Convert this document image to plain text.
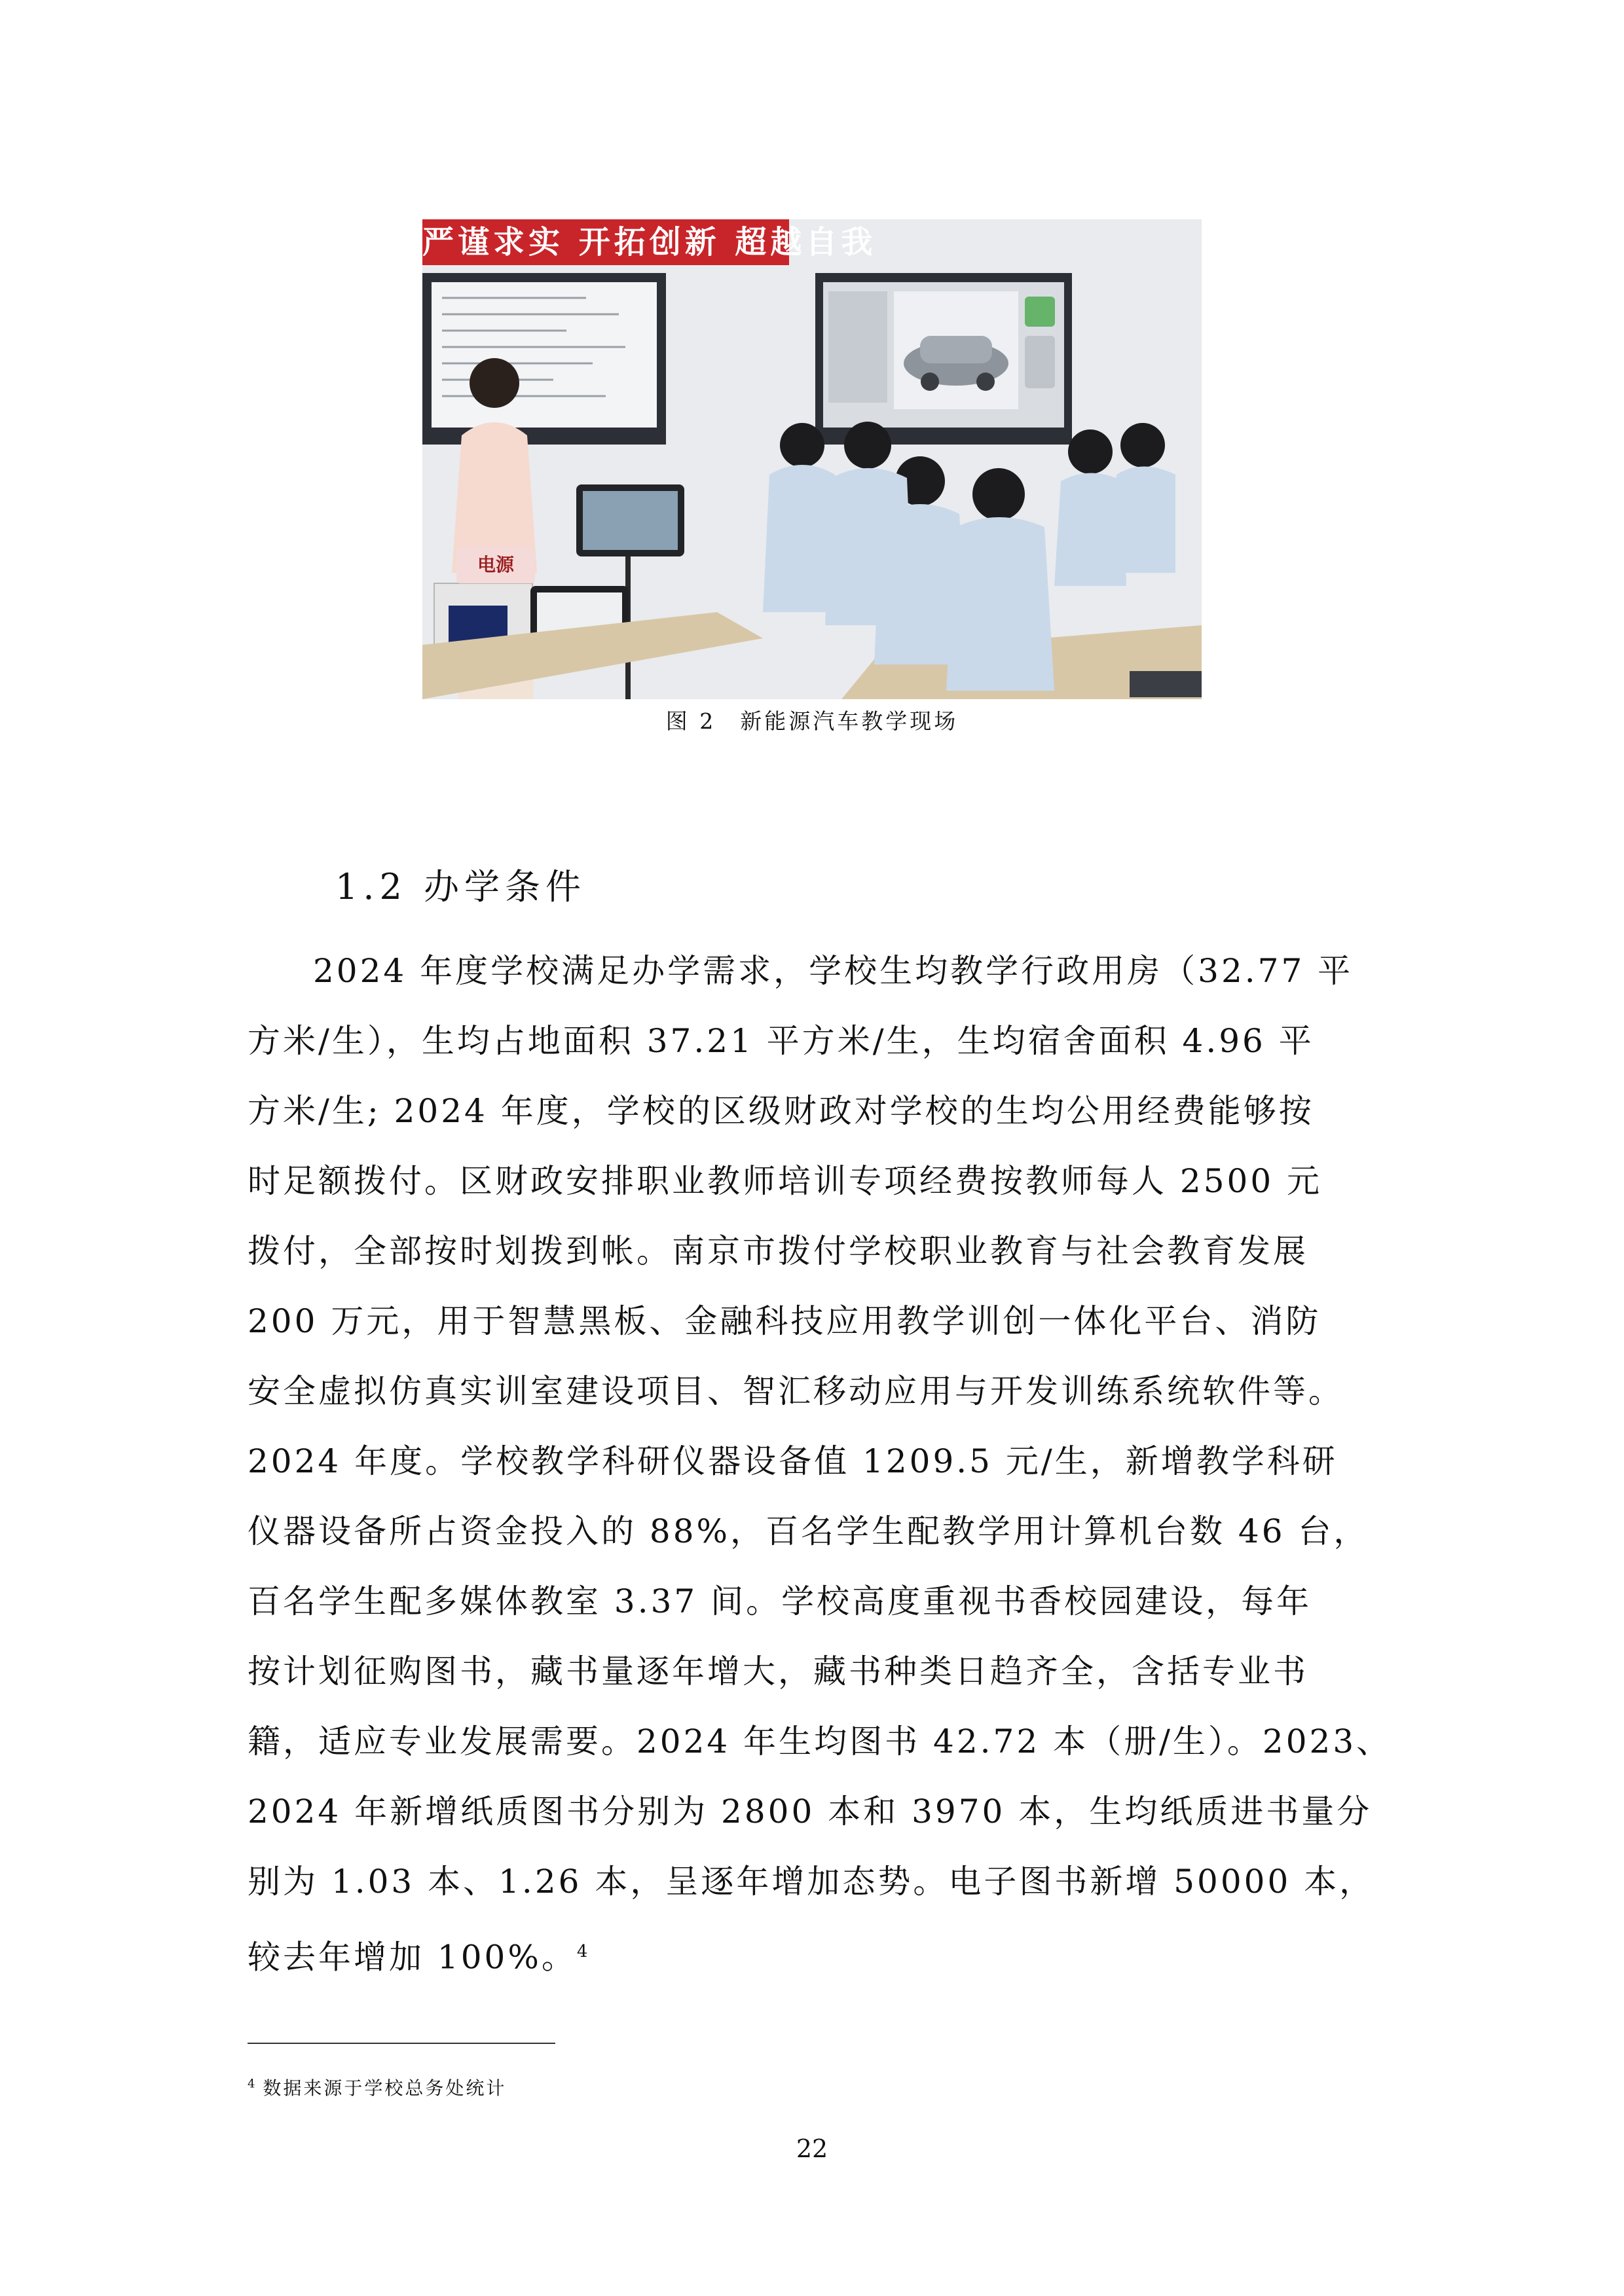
严谨求实 开拓创新 超越自我
电源
图 2　新能源汽车教学现场
1.2 办学条件
2024 年度学校满足办学需求，学校生均教学行政用房（32.77 平
方米/生），生均占地面积 37.21 平方米/生，生均宿舍面积 4.96 平
方米/生; 2024 年度，学校的区级财政对学校的生均公用经费能够按
时足额拨付。区财政安排职业教师培训专项经费按教师每人 2500 元
拨付，全部按时划拨到帐。南京市拨付学校职业教育与社会教育发展
200 万元，用于智慧黑板、金融科技应用教学训创一体化平台、消防
安全虚拟仿真实训室建设项目、智汇移动应用与开发训练系统软件等。
2024 年度。学校教学科研仪器设备值 1209.5 元/生，新增教学科研
仪器设备所占资金投入的 88%，百名学生配教学用计算机台数 46 台，
百名学生配多媒体教室 3.37 间。学校高度重视书香校园建设，每年
按计划征购图书，藏书量逐年增大，藏书种类日趋齐全，含括专业书
籍，适应专业发展需要。2024 年生均图书 42.72 本（册/生）。2023、
2024 年新增纸质图书分别为 2800 本和 3970 本，生均纸质进书量分
别为 1.03 本、1.26 本，呈逐年增加态势。电子图书新增 50000 本，
较去年增加 100%。$^4$
$^4$ 数据来源于学校总务处统计
22
